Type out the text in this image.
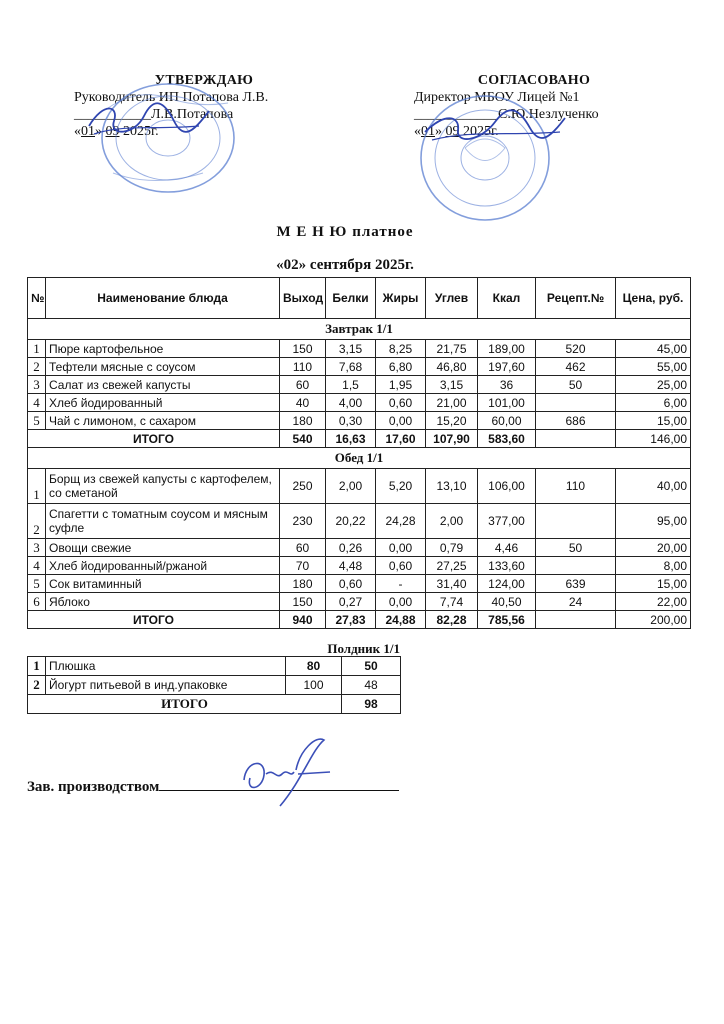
УТВЕРЖДАЮ
Руководитель ИП Потапова Л.В.
___________Л.В.Потапова
«01» 09 2025г.
СОГЛАСОВАНО
Директор МБОУ Лицей №1
____________С.Ю.Незлученко
«01» 09 2025г.
М Е Н Ю платное
«02» сентября 2025г.
№	Наименование блюда	Выход	Белки	Жиры	Углев	Ккал	Рецепт.№	Цена, руб.
Завтрак 1/1								
1	Пюре картофельное	150	3,15	8,25	21,75	189,00	520	45,00
2	Тефтели мясные с соусом	110	7,68	6,80	46,80	197,60	462	55,00
3	Салат из свежей капусты	60	1,5	1,95	3,15	36	50	25,00
4	Хлеб йодированный	40	4,00	0,60	21,00	101,00		6,00
5	Чай с лимоном, с сахаром	180	0,30	0,00	15,20	60,00	686	15,00
ИТОГО		540	16,63	17,60	107,90	583,60		146,00
Обед 1/1								
1	Борщ из свежей капусты с картофелем, со сметаной	250	2,00	5,20	13,10	106,00	110	40,00
2	Спагетти с томатным соусом и мясным суфле	230	20,22	24,28	2,00	377,00		95,00
3	Овощи свежие	60	0,26	0,00	0,79	4,46	50	20,00
4	Хлеб йодированный/ржаной	70	4,48	0,60	27,25	133,60		8,00
5	Сок витаминный	180	0,60	-	31,40	124,00	639	15,00
6	Яблоко	150	0,27	0,00	7,74	40,50	24	22,00
ИТОГО		940	27,83	24,88	82,28	785,56		200,00
Полдник 1/1
1	Плюшка	80	50
2	Йогурт питьевой в инд.упаковке	100	48
ИТОГО			98
Зав. производством
